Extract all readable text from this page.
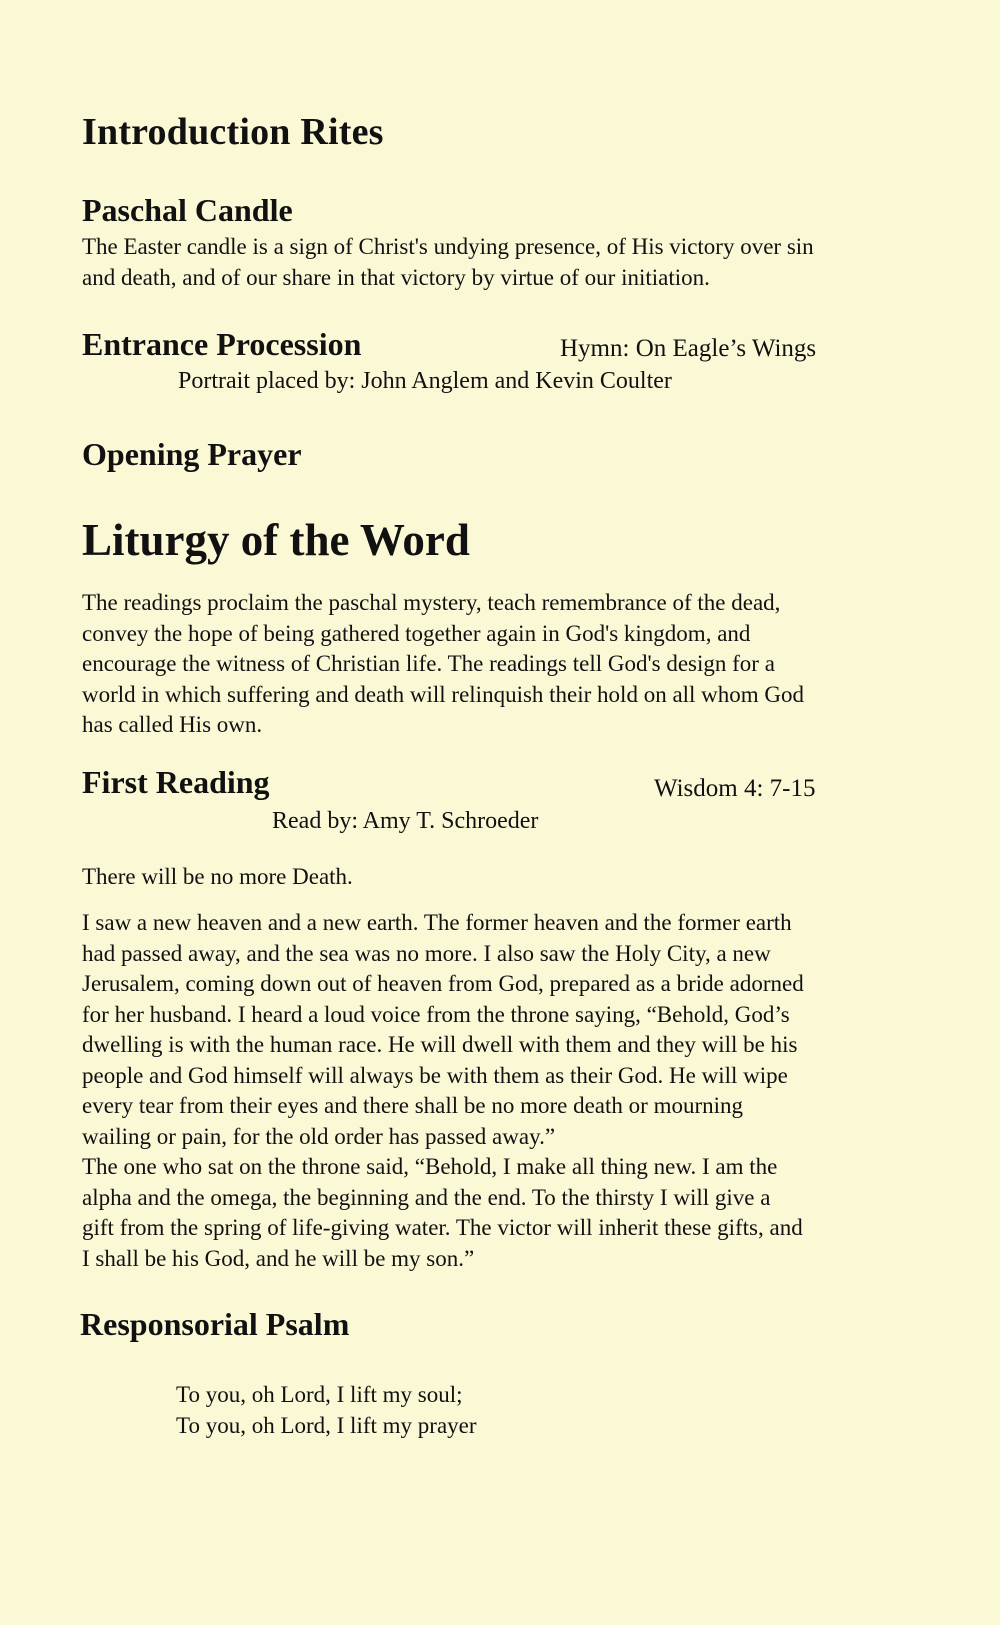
Introduction Rites
Paschal Candle
The Easter candle is a sign of Christ's undying presence, of His victory over sin
and death, and of our share in that victory by virtue of our initiation.
Entrance Procession	Hymn: On Eagle’s Wings
Portrait placed by: John Anglem and Kevin Coulter
Opening Prayer
Liturgy of the Word
The readings proclaim the paschal mystery, teach remembrance of the dead,
convey the hope of being gathered together again in God's kingdom, and
encourage the witness of Christian life. The readings tell God's design for a
world in which suffering and death will relinquish their hold on all whom God
has called His own.
First Reading	Wisdom 4: 7-15
Read by: Amy T. Schroeder
There will be no more Death.
I saw a new heaven and a new earth. The former heaven and the former earth
had passed away, and the sea was no more. I also saw the Holy City, a new
Jerusalem, coming down out of heaven from God, prepared as a bride adorned
for her husband. I heard a loud voice from the throne saying, “Behold, God’s
dwelling is with the human race. He will dwell with them and they will be his
people and God himself will always be with them as their God. He will wipe
every tear from their eyes and there shall be no more death or mourning
wailing or pain, for the old order has passed away.”
The one who sat on the throne said, “Behold, I make all thing new. I am the
alpha and the omega, the beginning and the end. To the thirsty I will give a
gift from the spring of life-giving water. The victor will inherit these gifts, and
I shall be his God, and he will be my son.”
Responsorial Psalm
To you, oh Lord, I lift my soul;
To you, oh Lord, I lift my prayer
